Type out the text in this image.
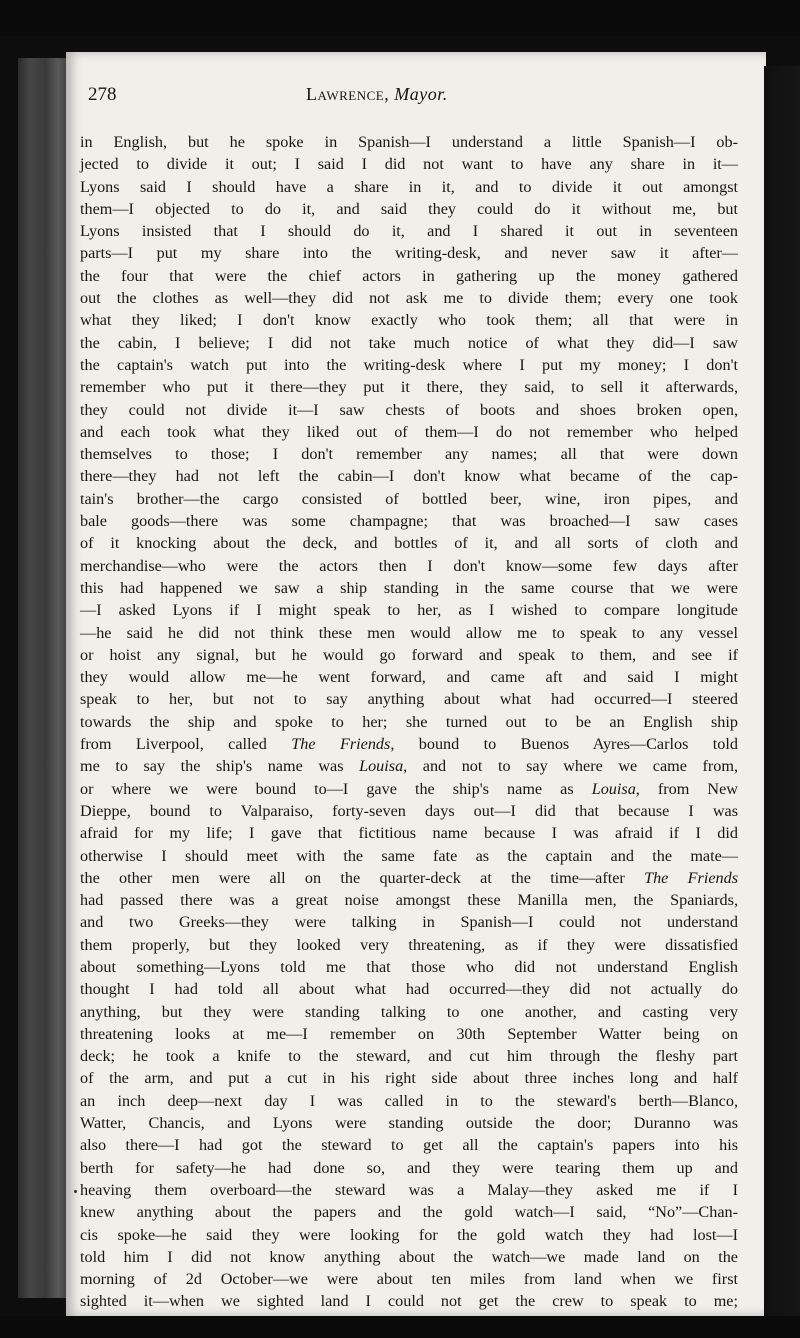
278	Lawrence, Mayor.
in English, but he spoke in Spanish—I understand a little Spanish—I ob-
jected to divide it out; I said I did not want to have any share in it—
Lyons said I should have a share in it, and to divide it out amongst
them—I objected to do it, and said they could do it without me, but
Lyons insisted that I should do it, and I shared it out in seventeen
parts—I put my share into the writing-desk, and never saw it after—
the four that were the chief actors in gathering up the money gathered
out the clothes as well—they did not ask me to divide them; every one took
what they liked; I don't know exactly who took them; all that were in
the cabin, I believe; I did not take much notice of what they did—I saw
the captain's watch put into the writing-desk where I put my money; I don't
remember who put it there—they put it there, they said, to sell it afterwards,
they could not divide it—I saw chests of boots and shoes broken open,
and each took what they liked out of them—I do not remember who helped
themselves to those; I don't remember any names; all that were down
there—they had not left the cabin—I don't know what became of the cap-
tain's brother—the cargo consisted of bottled beer, wine, iron pipes, and
bale goods—there was some champagne; that was broached—I saw cases
of it knocking about the deck, and bottles of it, and all sorts of cloth and
merchandise—who were the actors then I don't know—some few days after
this had happened we saw a ship standing in the same course that we were
—I asked Lyons if I might speak to her, as I wished to compare longitude
—he said he did not think these men would allow me to speak to any vessel
or hoist any signal, but he would go forward and speak to them, and see if
they would allow me—he went forward, and came aft and said I might
speak to her, but not to say anything about what had occurred—I steered
towards the ship and spoke to her; she turned out to be an English ship
from Liverpool, called The Friends, bound to Buenos Ayres—Carlos told
me to say the ship's name was Louisa, and not to say where we came from,
or where we were bound to—I gave the ship's name as Louisa, from New
Dieppe, bound to Valparaiso, forty-seven days out—I did that because I was
afraid for my life; I gave that fictitious name because I was afraid if I did
otherwise I should meet with the same fate as the captain and the mate—
the other men were all on the quarter-deck at the time—after The Friends
had passed there was a great noise amongst these Manilla men, the Spaniards,
and two Greeks—they were talking in Spanish—I could not understand
them properly, but they looked very threatening, as if they were dissatisfied
about something—Lyons told me that those who did not understand English
thought I had told all about what had occurred—they did not actually do
anything, but they were standing talking to one another, and casting very
threatening looks at me—I remember on 30th September Watter being on
deck; he took a knife to the steward, and cut him through the fleshy part
of the arm, and put a cut in his right side about three inches long and half
an inch deep—next day I was called in to the steward's berth—Blanco,
Watter, Chancis, and Lyons were standing outside the door; Duranno was
also there—I had got the steward to get all the captain's papers into his
berth for safety—he had done so, and they were tearing them up and
heaving them overboard—the steward was a Malay—they asked me if I
knew anything about the papers and the gold watch—I said, “No”—Chan-
cis spoke—he said they were looking for the gold watch they had lost—I
told him I did not know anything about the watch—we made land on the
morning of 2d October—we were about ten miles from land when we first
sighted it—when we sighted land I could not get the crew to speak to me;
